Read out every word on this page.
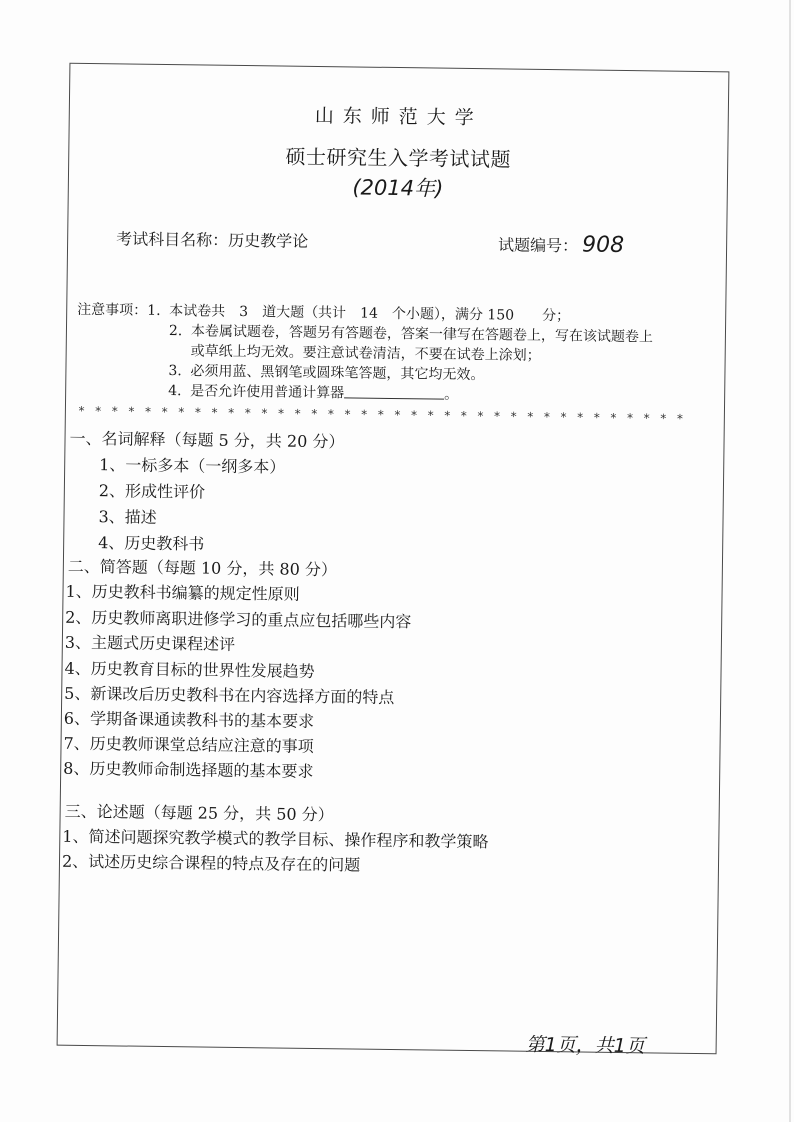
山东师范大学
硕士研究生入学考试试题
(2014年)
考试科目名称：历史教学论	试题编号： 908
注意事项： 1. 本试卷共　3　道大题（共计　14　个小题），满分 150　　分；
2. 本卷属试题卷，答题另有答题卷，答案一律写在答题卷上，写在该试题卷上
或草纸上均无效。要注意试卷清洁，不要在试卷上涂划；
3. 必须用蓝、黑钢笔或圆珠笔答题，其它均无效。
4. 是否允许使用普通计算器	。
*************************************
一、名词解释（每题 5 分，共 20 分）
1、一标多本（一纲多本）
2、形成性评价
3、描述
4、历史教科书
二、简答题（每题 10 分，共 80 分）
1、历史教科书编纂的规定性原则
2、历史教师离职进修学习的重点应包括哪些内容
3、主题式历史课程述评
4、历史教育目标的世界性发展趋势
5、新课改后历史教科书在内容选择方面的特点
6、学期备课通读教科书的基本要求
7、历史教师课堂总结应注意的事项
8、历史教师命制选择题的基本要求
三、论述题（每题 25 分，共 50 分）
1、简述问题探究教学模式的教学目标、操作程序和教学策略
2、试述历史综合课程的特点及存在的问题
第1页，共1页
